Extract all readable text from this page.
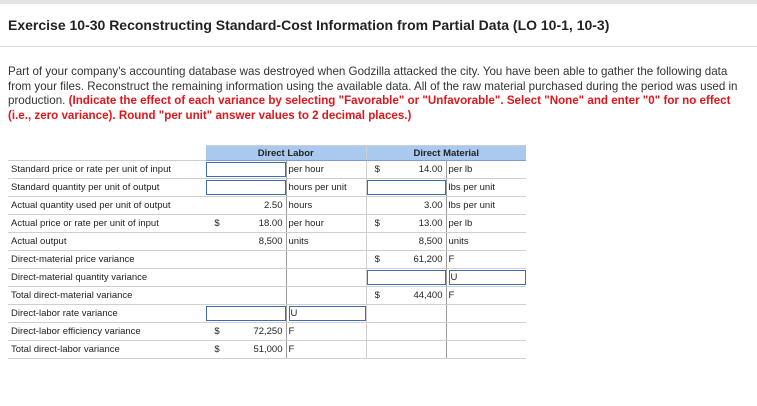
Exercise 10-30 Reconstructing Standard-Cost Information from Partial Data (LO 10-1, 10-3)
Part of your company's accounting database was destroyed when Godzilla attacked the city. You have been able to gather the following data from your files. Reconstruct the remaining information using the available data. All of the raw material purchased during the period was used in production. (Indicate the effect of each variance by selecting "Favorable" or "Unfavorable". Select "None" and enter "0" for no effect (i.e., zero variance). Round "per unit" answer values to 2 decimal places.)
	Direct Labor			Direct Material		
Standard price or rate per unit of input			per hour	$	14.00	per lb
Standard quantity per unit of output			hours per unit			lbs per unit
Actual quantity used per unit of output		2.50	hours		3.00	lbs per unit
Actual price or rate per unit of input	$	18.00	per hour	$	13.00	per lb
Actual output		8,500	units		8,500	units
Direct-material price variance				$	61,200	F
Direct-material quantity variance						U

Total direct-material variance				$	44,400	F
Direct-labor rate variance			U			

Direct-labor efficiency variance	$	72,250	F			
Total direct-labor variance	$	51,000	F			
